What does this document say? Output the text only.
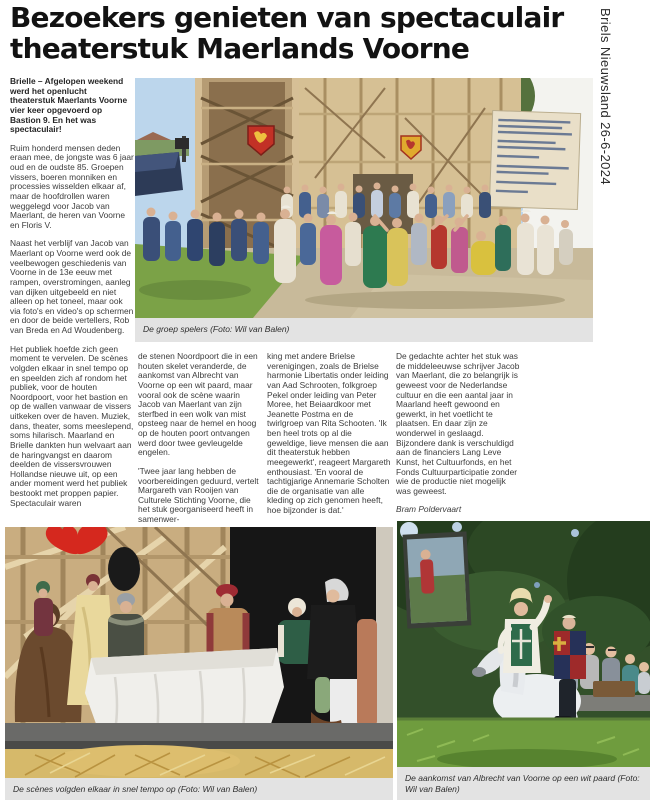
Bezoekers genieten van spectaculair
theaterstuk Maerlands Voorne	Briels Nieuwsland 26-6-2024

Brielle – Afgelopen weekend werd het openlucht theaterstuk Maerlants Voorne vier keer opgevoerd op Bastion 9. En het was spectaculair!

Ruim honderd mensen deden eraan mee, de jongste was 6 jaar oud en de oudste 85. Groepen vissers, boeren monniken en processies wisselden elkaar af, maar de hoofdrollen waren weggelegd voor Jacob van Maerlant, de heren van Voorne en Floris V.

Naast het verblijf van Jacob van Maerlant op Voorne werd ook de veelbewogen geschiedenis van Voorne in de 13e eeuw met rampen, overstromingen, aanleg van dijken uitgebeeld en niet alleen op het toneel, maar ook via foto's en video's op schermen en door de beide vertellers, Rob van Breda en Ad Woudenberg.

Het publiek hoefde zich geen moment te vervelen. De scènes volgden elkaar in snel tempo op en speelden zich af rondom het publiek, voor de houten Noordpoort, voor het bastion en op de wallen vanwaar de vissers uitkeken over de haven. Muziek, dans, theater, soms meeslepend, soms hilarisch. Maarland en Brielle dankten hun welvaart aan de haringvangst en daarom deelden de vissersvrouwen Hollandse nieuwe uit, op een ander moment werd het publiek bestookt met proppen papier. Spectaculair waren

De groep spelers (Foto: Wil van Balen)

de stenen Noordpoort die in een houten skelet veranderde, de aankomst van Albrecht van Voorne op een wit paard, maar vooral ook de scène waarin Jacob van Maerlant van zijn sterfbed in een wolk van mist opsteeg naar de hemel en hoog op de houten poort ontvangen werd door twee gevleugelde engelen.

'Twee jaar lang hebben de voorbereidingen geduurd, vertelt Margareth van Rooijen van Culturele Stichting Voorne, die het stuk georganiseerd heeft in samenwer-

king met andere Brielse verenigingen, zoals de Brielse harmonie Libertatis onder leiding van Aad Schrooten, folkgroep Pekel onder leiding van Peter Moree, het Beiaardkoor met Jeanette Postma en de twirlgroep van Rita Schooten. 'Ik ben heel trots op al die geweldige, lieve mensen die aan dit theaterstuk hebben meegewerkt', reageert Margareth enthousiast. 'En vooral de tachtigjarige Annemarie Scholten die de organisatie van alle kleding op zich genomen heeft, hoe bijzonder is dat.'

De gedachte achter het stuk was de middeleeuwse schrijver Jacob van Maerlant, die zo belangrijk is geweest voor de Nederlandse cultuur en die een aantal jaar in Maarland heeft gewoond en gewerkt, in het voetlicht te plaatsen. En daar zijn ze wonderwel in geslaagd. Bijzondere dank is verschuldigd aan de financiers Lang Leve Kunst, het Cultuurfonds, en het Fonds Cultuurparticipatie zonder wie de productie niet mogelijk was geweest.

Bram Poldervaart

De scènes volgden elkaar in snel tempo op (Foto: Wil van Balen)
De aankomst van Albrecht van Voorne op een wit paard (Foto: Wil van Balen)
